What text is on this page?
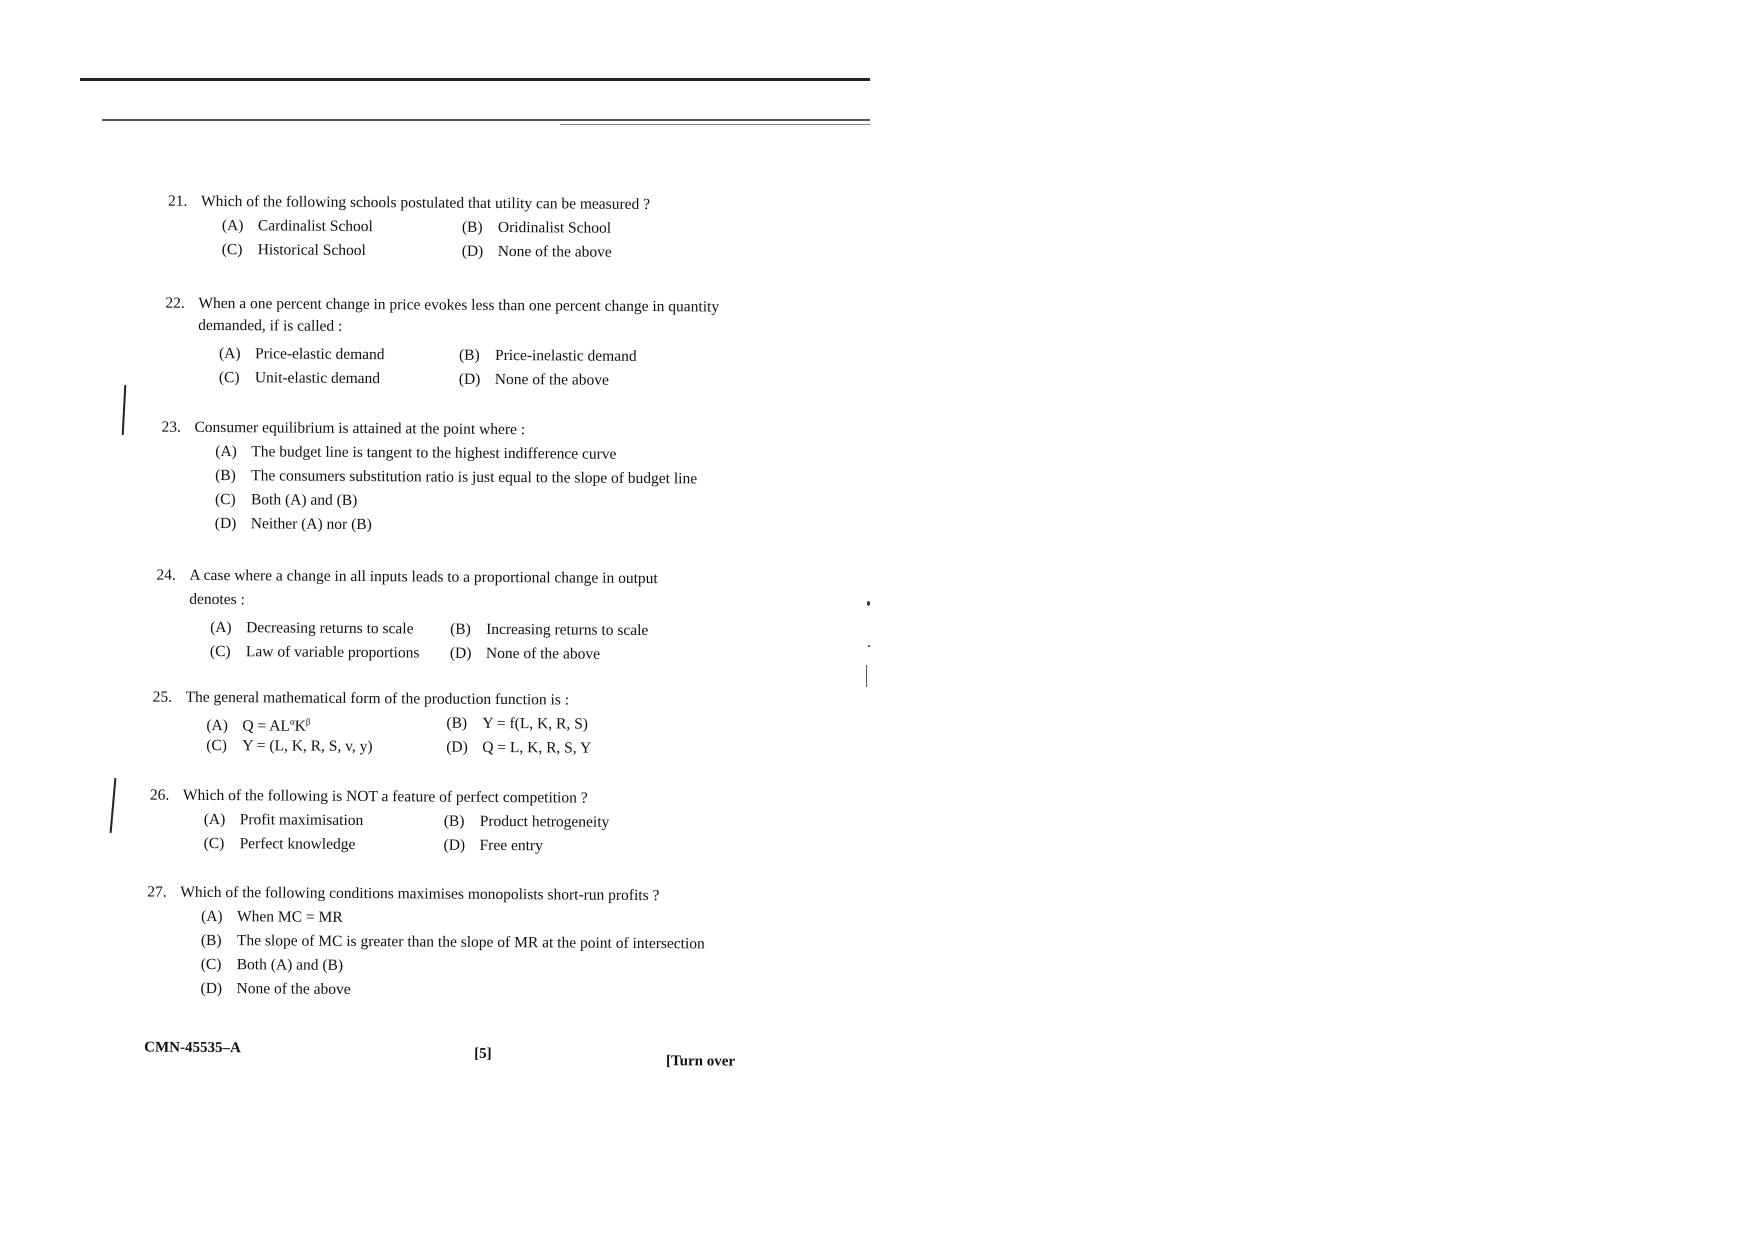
21. Which of the following schools postulated that utility can be measured ?
(A) Cardinalist School	(B) Oridinalist School
(C) Historical School	(D) None of the above
22. When a one percent change in price evokes less than one percent change in quantity
demanded, if is called :
(A) Price-elastic demand	(B) Price-inelastic demand
(C) Unit-elastic demand	(D) None of the above
23. Consumer equilibrium is attained at the point where :
(A) The budget line is tangent to the highest indifference curve
(B) The consumers substitution ratio is just equal to the slope of budget line
(C) Both (A) and (B)
(D) Neither (A) nor (B)
24. A case where a change in all inputs leads to a proportional change in output
denotes :
(A) Decreasing returns to scale (B) Increasing returns to scale
(C) Law of variable proportions (D) None of the above
25. The general mathematical form of the production function is :
(A) $Q = AL^\alpha K^\beta$	(B) Y = f(L, K, R, S)
(C) Y = (L, K, R, S, v, y)	(D) Q = L, K, R, S, Y
26. Which of the following is NOT a feature of perfect competition ?
(A) Profit maximisation	(B) Product hetrogeneity
(C) Perfect knowledge	(D) Free entry
27. Which of the following conditions maximises monopolists short-run profits ?
(A) When MC = MR
(B) The slope of MC is greater than the slope of MR at the point of intersection
(C) Both (A) and (B)
(D) None of the above
CMN-45535–A	[5]	[Turn over
